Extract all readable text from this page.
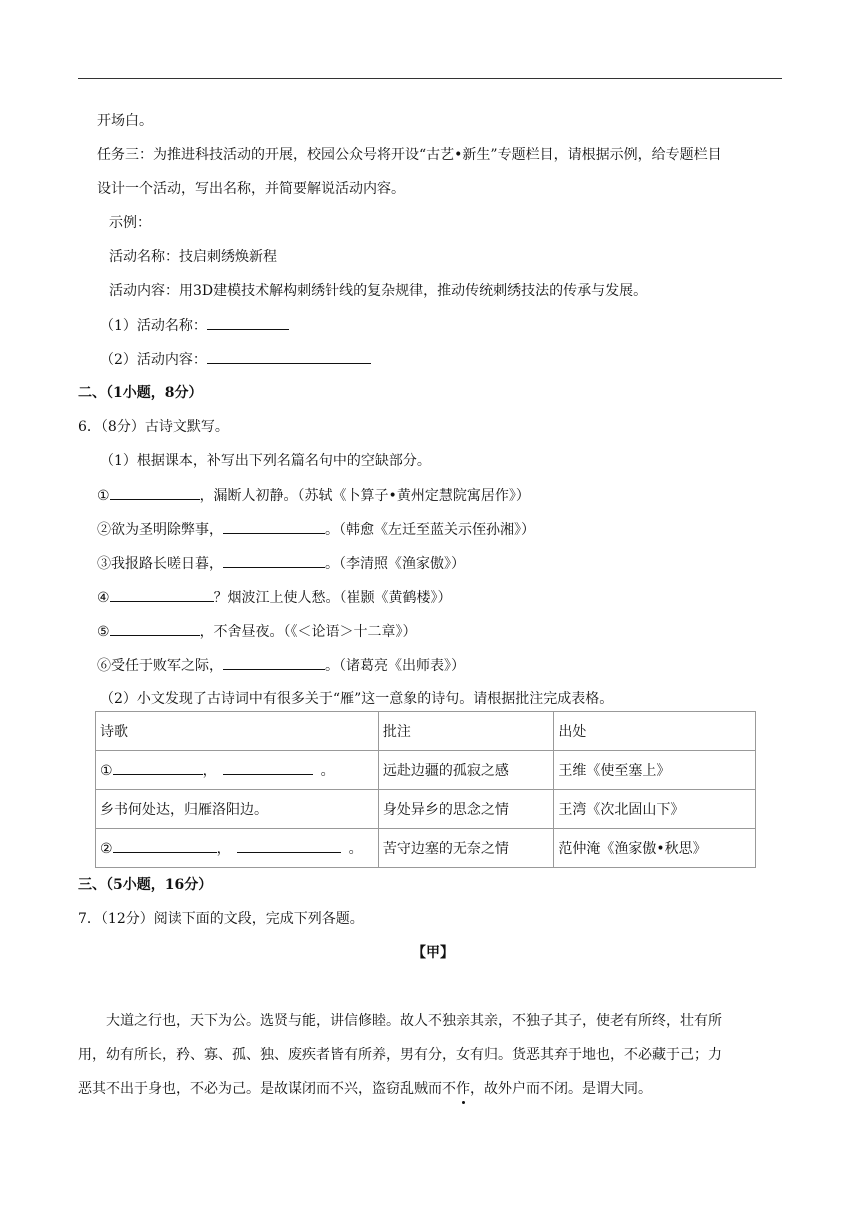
开场白。
任务三：为推进科技活动的开展，校园公众号将开设“古艺•新生”专题栏目，请根据示例，给专题栏目
设计一个活动，写出名称，并简要解说活动内容。
示例：
活动名称：技启刺绣焕新程
活动内容：用3D建模技术解构刺绣针线的复杂规律，推动传统刺绣技法的传承与发展。
（1）活动名称：
（2）活动内容：
二、（1小题，8分）
6．（8分）古诗文默写。
（1）根据课本，补写出下列名篇名句中的空缺部分。
①	，漏断人初静。（苏轼《卜算子•黄州定慧院寓居作》）
②欲为圣明除弊事，	。（韩愈《左迁至蓝关示侄孙湘》）
③我报路长嗟日暮，	。（李清照《渔家傲》）
④	？烟波江上使人愁。（崔颢《黄鹤楼》）
⑤	，不舍昼夜。（《＜论语＞十二章》）
⑥受任于败军之际，	。（诸葛亮《出师表》）
（2）小文发现了古诗词中有很多关于“雁”这一意象的诗句。请根据批注完成表格。
诗歌	批注	出处
① ， 。	远赴边疆的孤寂之感	王维《使至塞上》
乡书何处达，归雁洛阳边。	身处异乡的思念之情	王湾《次北固山下》
② ， 。	苦守边塞的无奈之情	范仲淹《渔家傲•秋思》
三、（5小题，16分）
7．（12分）阅读下面的文段，完成下列各题。
【甲】
大道之行也，天下为公。选贤与能，讲信修睦。故人不独亲其亲，不独子其子，使老有所终，壮有所
用，幼有所长，矜、寡、孤、独、废疾者皆有所养，男有分，女有归。货恶其弃于地也，不必藏于己；力
恶其不出于身也，不必为己。是故谋闭而不兴，盗窃乱贼而不作，故外户而不闭。是谓大同。
